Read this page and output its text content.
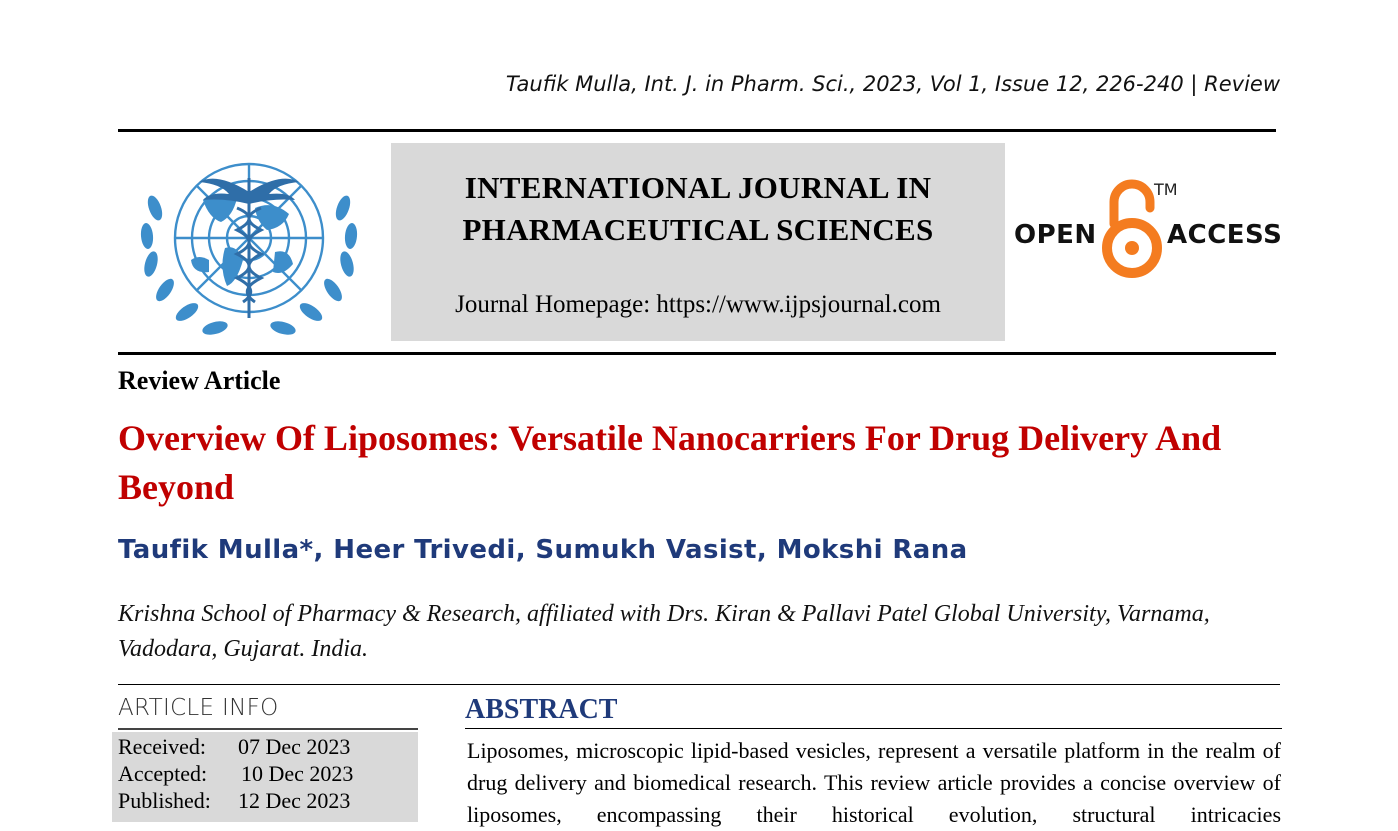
Taufik Mulla, Int. J. in Pharm. Sci., 2023, Vol 1, Issue 12, 226-240 | Review
INTERNATIONAL JOURNAL IN
PHARMACEUTICAL SCIENCES
Journal Homepage: https://www.ijpsjournal.com
OPEN
TM
ACCESS
Review Article
Overview Of Liposomes: Versatile Nanocarriers For Drug Delivery And Beyond
Taufik Mulla*, Heer Trivedi, Sumukh Vasist, Mokshi Rana
Krishna School of Pharmacy & Research, affiliated with Drs. Kiran & Pallavi Patel Global University, Varnama, Vadodara, Gujarat. India.
ARTICLE INFO
Received: 07 Dec 2023
Accepted: 10 Dec 2023
Published: 12 Dec 2023
ABSTRACT
Liposomes, microscopic lipid-based vesicles, represent a versatile platform in the realm of drug delivery and biomedical research. This review article provides a concise overview of liposomes, encompassing their historical evolution, structural intricacies
